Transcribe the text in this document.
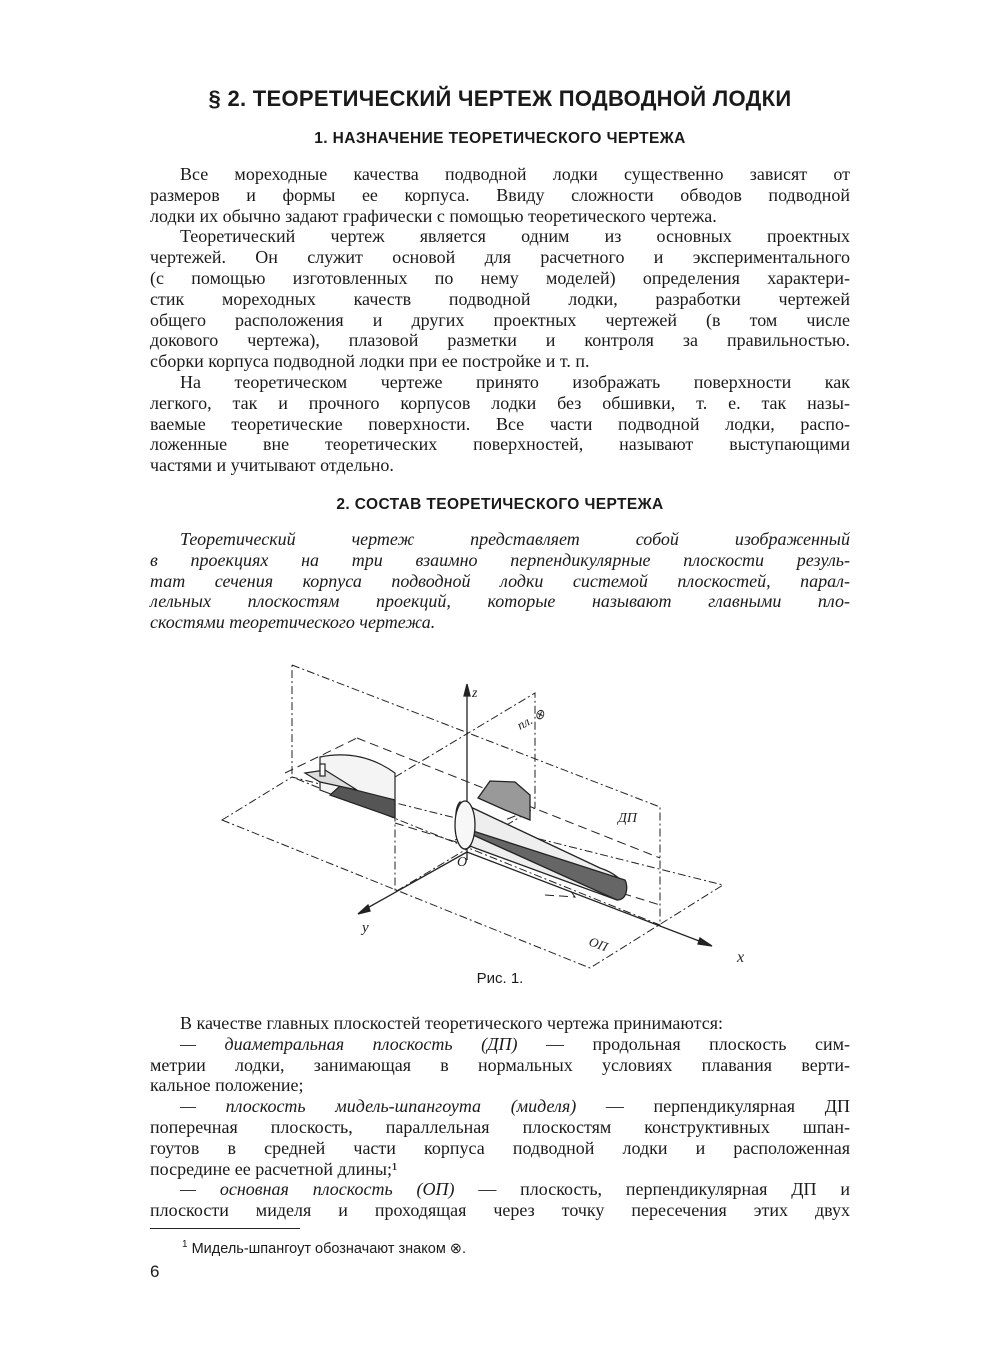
§ 2. ТЕОРЕТИЧЕСКИЙ ЧЕРТЕЖ ПОДВОДНОЙ ЛОДКИ
1. НАЗНАЧЕНИЕ ТЕОРЕТИЧЕСКОГО ЧЕРТЕЖА
Все мореходные качества подводной лодки существенно зависят от
размеров и формы ее корпуса. Ввиду сложности обводов подводной
лодки их обычно задают графически с помощью теоретического чертежа.
Теоретический чертеж является одним из основных проектных
чертежей. Он служит основой для расчетного и экспериментального
(с помощью изготовленных по нему моделей) определения характери-
стик мореходных качеств подводной лодки, разработки чертежей
общего расположения и других проектных чертежей (в том числе
докового чертежа), плазовой разметки и контроля за правильностью.
сборки корпуса подводной лодки при ее постройке и т. п.
На теоретическом чертеже принято изображать поверхности как
легкого, так и прочного корпусов лодки без обшивки, т. е. так назы-
ваемые теоретические поверхности. Все части подводной лодки, распо-
ложенные вне теоретических поверхностей, называют выступающими
частями и учитывают отдельно.
2. СОСТАВ ТЕОРЕТИЧЕСКОГО ЧЕРТЕЖА
Теоретический чертеж представляет собой изображенный
в проекциях на три взаимно перпендикулярные плоскости резуль-
тат сечения корпуса подводной лодки системой плоскостей, парал-
лельных плоскостям проекций, которые называют главными пло-
скостями теоретического чертежа.
z
пл. ⊗
ДП
О
ОП
x
y
Рис. 1.
В качестве главных плоскостей теоретического чертежа принимаются:
— диаметральная плоскость (ДП) — продольная плоскость сим-
метрии лодки, занимающая в нормальных условиях плавания верти-
кальное положение;
— плоскость мидель-шпангоута (миделя) — перпендикулярная ДП
поперечная плоскость, параллельная плоскостям конструктивных шпан-
гоутов в средней части корпуса подводной лодки и расположенная
посредине ее расчетной длины;¹
— основная плоскость (ОП) — плоскость, перпендикулярная ДП и
плоскости миделя и проходящая через точку пересечения этих двух
$^1$ Мидель-шпангоут обозначают знаком ⊗.
6
